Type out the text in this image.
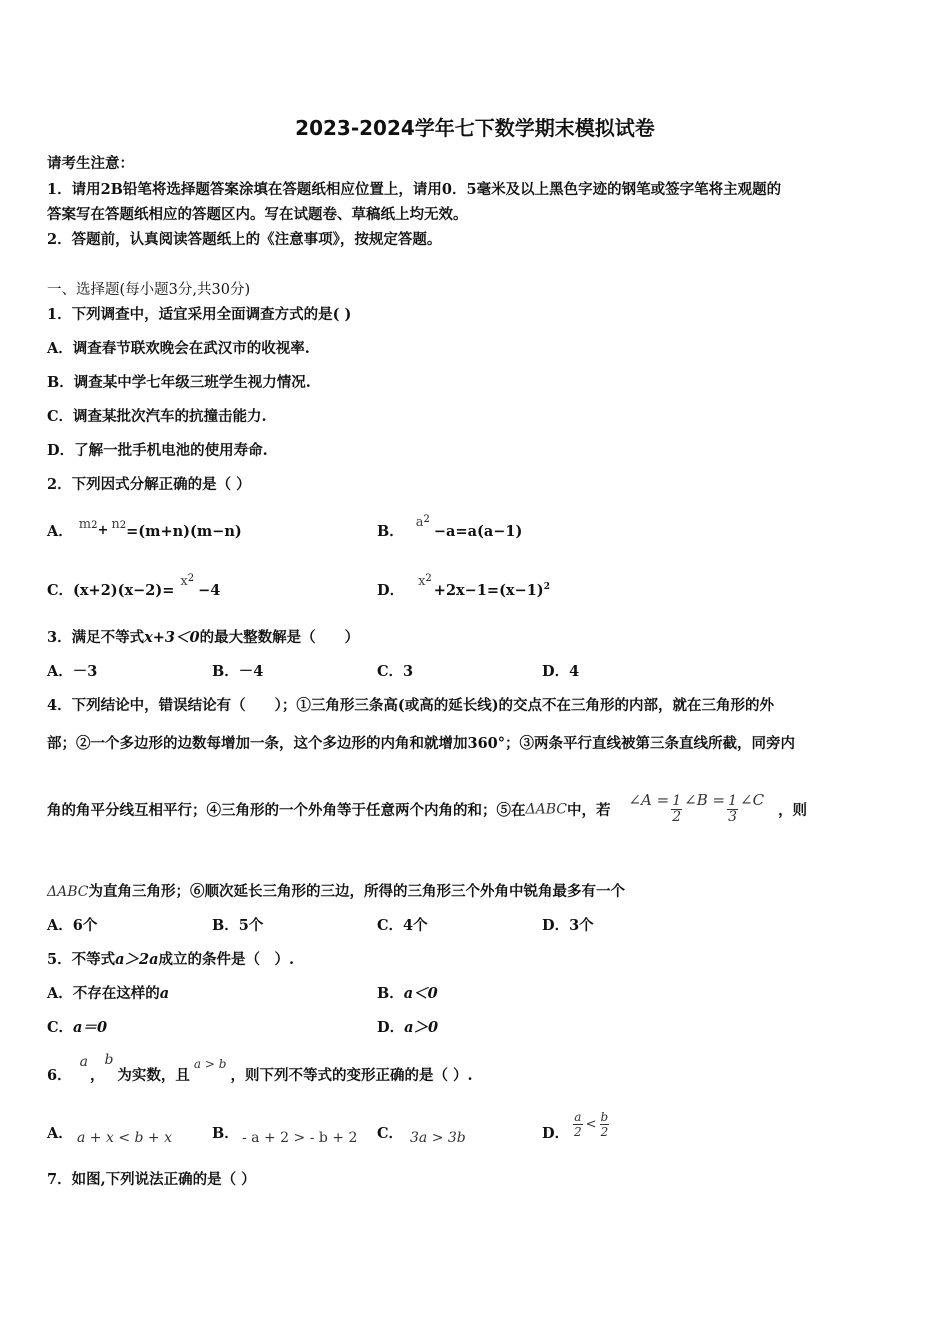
2023-2024学年七下数学期末模拟试卷
请考生注意：
1．请用2B铅笔将选择题答案涂填在答题纸相应位置上，请用0．5毫米及以上黑色字迹的钢笔或签字笔将主观题的
答案写在答题纸相应的答题区内。写在试题卷、草稿纸上均无效。
2．答题前，认真阅读答题纸上的《注意事项》，按规定答题。
一、选择题(每小题3分,共30分)
1．下列调查中，适宜采用全面调查方式的是( )
A．调查春节联欢晚会在武汉市的收视率.
B．调查某中学七年级三班学生视力情况.
C．调查某批次汽车的抗撞击能力.
D．了解一批手机电池的使用寿命.
2．下列因式分解正确的是（ ）
A． $m^2+ n^2=(m+n)(m-n)$	B．$a^2-a=a(a-1)$
C．$(x+2)(x-2)=x^2-4$	D．$x^2+2x-1=(x-1)^2$
3．满足不等式x+3＜0的最大整数解是（　　）
A．－3	B．－4	C．3	D．4
4．下列结论中，错误结论有（　　）；①三角形三条高(或高的延长线)的交点不在三角形的内部，就在三角形的外
部；②一个多边形的边数每增加一条，这个多边形的内角和就增加360°；③两条平行直线被第三条直线所截，同旁内
角的角平分线互相平行；④三角形的一个外角等于任意两个内角的和；⑤在ΔABC中，若∠A = $\frac{1}{2}$ ∠B = $\frac{1}{3}$ ∠C，则
ΔABC为直角三角形；⑥顺次延长三角形的三边，所得的三角形三个外角中锐角最多有一个
A．6个	B．5个	C．4个	D．3个
5．不等式a＞2a成立的条件是（　）.
A．不存在这样的a	B．a＜0
C．a＝0	D．a＞0
6．a，b为实数，且a > b，则下列不等式的变形正确的是（ ）.
A． a + x < b + x	B． - a + 2 > - b + 2 C． 3a > 3b	D． $\frac{a}{2} < \frac{b}{2}$
7．如图,下列说法正确的是（ ）
